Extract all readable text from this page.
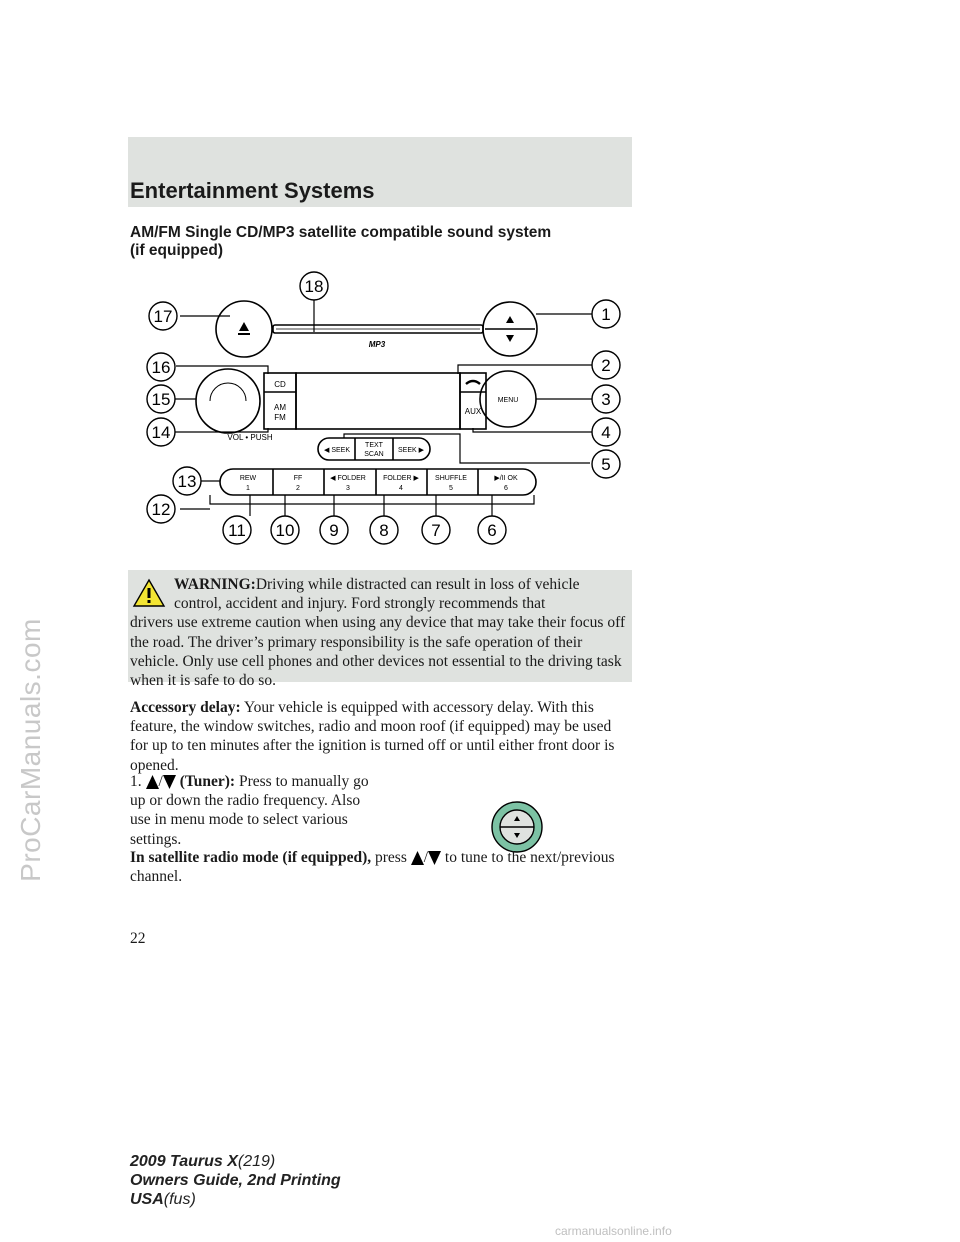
Entertainment Systems
AM/FM Single CD/MP3 satellite compatible sound system
(if equipped)
18
17	1
16	2
15	3
14	4
5
13
12
11 10 9 8	7	6
MP3
CD
AM
FM
VOL • PUSH
AUX
MENU
◀ SEEK
TEXT
SCAN
SEEK ▶
REW
1
FF
2
◀ FOLDER
3
FOLDER ▶
4
SHUFFLE
5
▶/II OK
6
WARNING:Driving while distracted can result in loss of vehicle
control, accident and injury. Ford strongly recommends that
drivers use extreme caution when using any device that may take their focus off the road. The driver’s primary responsibility is the safe operation of their vehicle. Only use cell phones and other devices not essential to the driving task when it is safe to do so.
Accessory delay: Your vehicle is equipped with accessory delay. With this feature, the window switches, radio and moon roof (if equipped) may be used for up to ten minutes after the ignition is turned off or until either front door is opened.
1. / (Tuner): Press to manually go up or down the radio frequency. Also use in menu mode to select various settings.
In satellite radio mode (if equipped), press / to tune to the next/previous channel.
22
2009 Taurus X(219)
Owners Guide, 2nd Printing
USA(fus)
ProCarManuals.com
carmanualsonline.info
